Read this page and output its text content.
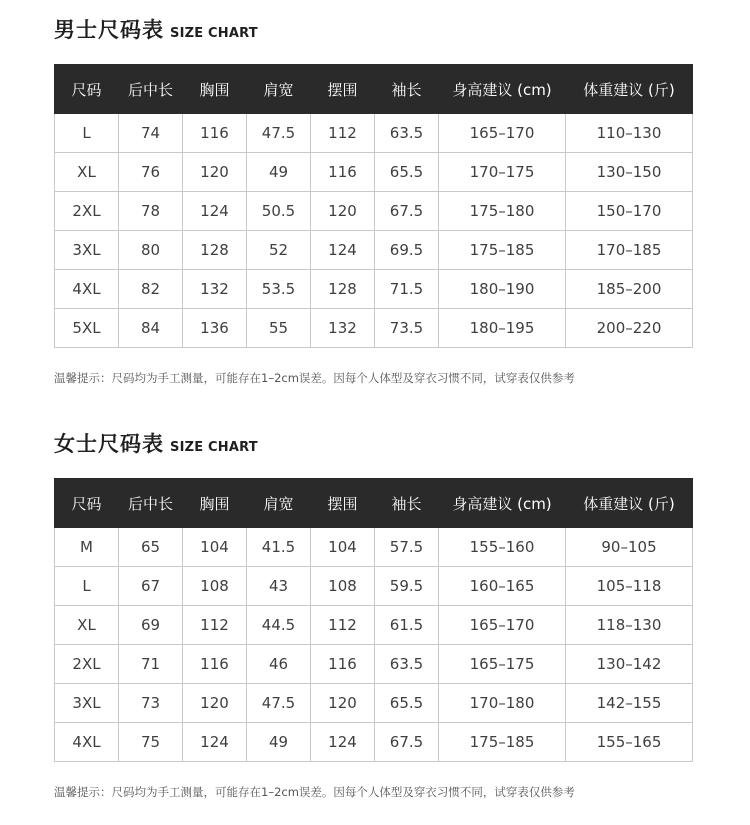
男士尺码表 SIZE CHART
尺码	后中长	胸围	肩宽	摆围	袖长	身高建议 (cm)	体重建议 (斤)
L	74	116	47.5	112	63.5	165–170	110–130
XL	76	120	49	116	65.5	170–175	130–150
2XL	78	124	50.5	120	67.5	175–180	150–170
3XL	80	128	52	124	69.5	175–185	170–185
4XL	82	132	53.5	128	71.5	180–190	185–200
5XL	84	136	55	132	73.5	180–195	200–220
温馨提示：尺码均为手工测量，可能存在1–2cm误差。因每个人体型及穿衣习惯不同，试穿表仅供参考
女士尺码表 SIZE CHART
尺码	后中长	胸围	肩宽	摆围	袖长	身高建议 (cm)	体重建议 (斤)
M	65	104	41.5	104	57.5	155–160	90–105
L	67	108	43	108	59.5	160–165	105–118
XL	69	112	44.5	112	61.5	165–170	118–130
2XL	71	116	46	116	63.5	165–175	130–142
3XL	73	120	47.5	120	65.5	170–180	142–155
4XL	75	124	49	124	67.5	175–185	155–165
温馨提示：尺码均为手工测量，可能存在1–2cm误差。因每个人体型及穿衣习惯不同，试穿表仅供参考
